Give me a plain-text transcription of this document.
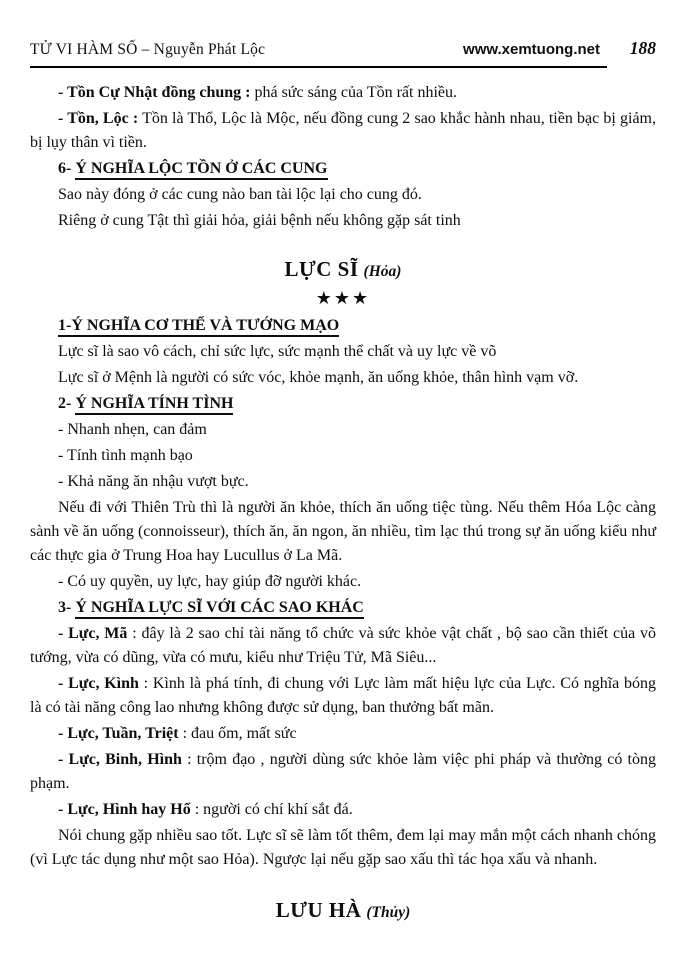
TỬ VI HÀM SỐ – Nguyễn Phát Lộc	www.xemtuong.net	188

- Tồn Cự Nhật đồng chung : phá sức sáng của Tồn rất nhiều.

- Tồn, Lộc : Tồn là Thổ, Lộc là Mộc, nếu đồng cung 2 sao khắc hành nhau, tiền bạc bị giảm, bị lụy thân vì tiền.

6- Ý NGHĨA LỘC TỒN Ở CÁC CUNG

Sao này đóng ở các cung nào ban tài lộc lại cho cung đó.

Riêng ở cung Tật thì giải hỏa, giải bệnh nếu không gặp sát tinh

LỰC SĨ (Hỏa)
★★★

1-Ý NGHĨA CƠ THỂ VÀ TƯỚNG MẠO

Lực sĩ là sao vô cách, chỉ sức lực, sức mạnh thể chất và uy lực về võ

Lực sĩ ở Mệnh là người có sức vóc, khỏe mạnh, ăn uống khỏe, thân hình vạm vỡ.

2- Ý NGHĨA TÍNH TÌNH

- Nhanh nhẹn, can đảm

- Tính tình mạnh bạo

- Khả năng ăn nhậu vượt bực.

Nếu đi với Thiên Trù thì là người ăn khỏe, thích ăn uống tiệc tùng. Nếu thêm Hóa Lộc càng sành về ăn uống (connoisseur), thích ăn, ăn ngon, ăn nhiều, tìm lạc thú trong sự ăn uống kiểu như các thực gia ở Trung Hoa hay Lucullus ở La Mã.

- Có uy quyền, uy lực, hay giúp đỡ người khác.

3- Ý NGHĨA LỰC SĨ VỚI CÁC SAO KHÁC

- Lực, Mã : đây là 2 sao chỉ tài năng tổ chức và sức khỏe vật chất , bộ sao cần thiết của võ tướng, vừa có dũng, vừa có mưu, kiểu như Triệu Tử, Mã Siêu...

- Lực, Kình : Kình là phá tính, đi chung với Lực làm mất hiệu lực của Lực. Có nghĩa bóng là có tài năng công lao nhưng không được sử dụng, ban thưởng bất mãn.

- Lực, Tuần, Triệt : đau ốm, mất sức

- Lực, Binh, Hình : trộm đạo , người dùng sức khỏe làm việc phi pháp và thường có tòng phạm.

- Lực, Hình hay Hổ : người có chí khí sắt đá.

Nói chung gặp nhiều sao tốt. Lực sĩ sẽ làm tốt thêm, đem lại may mắn một cách nhanh chóng (vì Lực tác dụng như một sao Hỏa). Ngược lại nếu gặp sao xấu thì tác họa xấu và nhanh.

LƯU HÀ (Thủy)
